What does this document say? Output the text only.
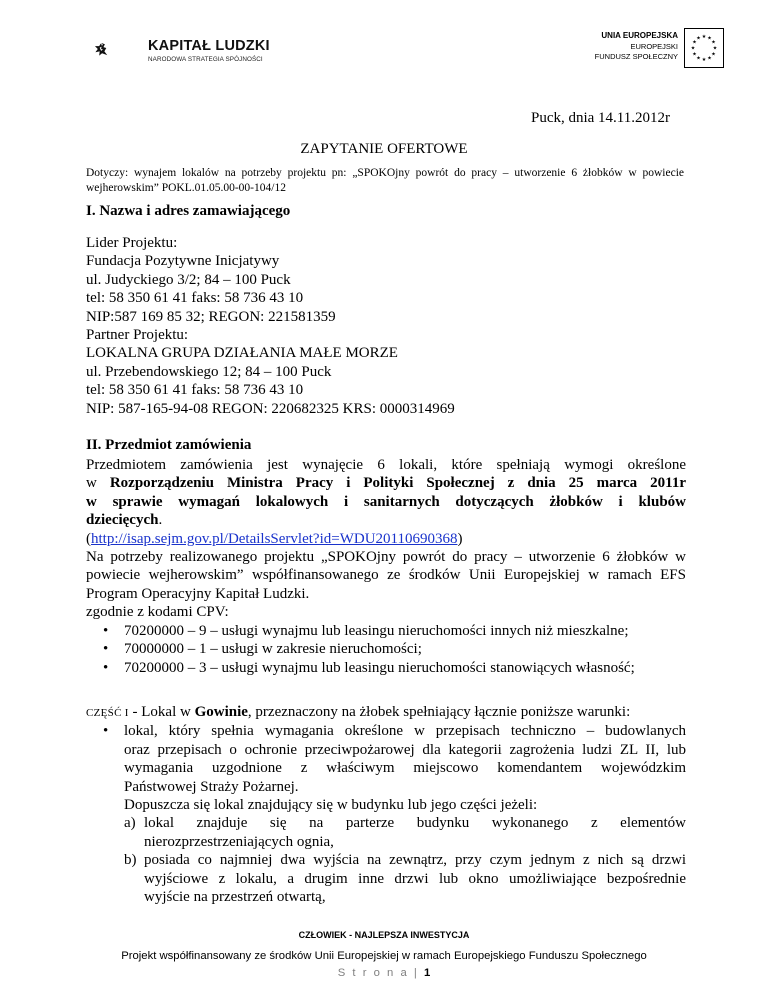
KAPITAŁ LUDZKI
NARODOWA STRATEGIA SPÓJNOŚCI
UNIA EUROPEJSKA
EUROPEJSKI
FUNDUSZ SPOŁECZNY
★ ★
★
★
★
★
★
★
★
★
★
★
Puck, dnia 14.11.2012r
ZAPYTANIE OFERTOWE
Dotyczy: wynajem lokalów na potrzeby projektu pn: „SPOKOjny powrót do pracy – utworzenie 6 żłobków w powiecie wejherowskim” POKL.01.05.00-00-104/12
I. Nazwa i adres zamawiającego
Lider Projektu:
Fundacja Pozytywne Inicjatywy
ul. Judyckiego 3/2; 84 – 100 Puck
tel: 58 350 61 41 faks: 58 736 43 10
NIP:587 169 85 32; REGON: 221581359
Partner Projektu:
LOKALNA GRUPA DZIAŁANIA MAŁE MORZE
ul. Przebendowskiego 12; 84 – 100 Puck
tel: 58 350 61 41 faks: 58 736 43 10
NIP: 587-165-94-08 REGON: 220682325 KRS: 0000314969
II. Przedmiot zamówienia
Przedmiotem zamówienia jest wynajęcie 6 lokali, które spełniają wymogi określone
w Rozporządzeniu Ministra Pracy i Polityki Społecznej z dnia 25 marca 2011r
w sprawie wymagań lokalowych i sanitarnych dotyczących żłobków i klubów
dziecięcych.
(http://isap.sejm.gov.pl/DetailsServlet?id=WDU20110690368)
Na potrzeby realizowanego projektu „SPOKOjny powrót do pracy – utworzenie 6 żłobków w
powiecie wejherowskim” współfinansowanego ze środków Unii Europejskiej w ramach EFS
Program Operacyjny Kapitał Ludzki.
zgodnie z kodami CPV:
• 70200000 – 9 – usługi wynajmu lub leasingu nieruchomości innych niż mieszkalne;
• 70000000 – 1 – usługi w zakresie nieruchomości;
• 70200000 – 3 – usługi wynajmu lub leasingu nieruchomości stanowiących własność;
CZĘŚĆ I - Lokal w Gowinie, przeznaczony na żłobek spełniający łącznie poniższe warunki:
• lokal, który spełnia wymagania określone w przepisach techniczno – budowlanych
oraz przepisach o ochronie przeciwpożarowej dla kategorii zagrożenia ludzi ZL II, lub
wymagania uzgodnione z właściwym miejscowo komendantem wojewódzkim
Państwowej Straży Pożarnej.
Dopuszcza się lokal znajdujący się w budynku lub jego części jeżeli:
a) lokal znajduje się na parterze budynku wykonanego z elementów
nierozprzestrzeniających ognia,
b) posiada co najmniej dwa wyjścia na zewnątrz, przy czym jednym z nich są drzwi
wyjściowe z lokalu, a drugim inne drzwi lub okno umożliwiające bezpośrednie
wyjście na przestrzeń otwartą,
CZŁOWIEK - NAJLEPSZA INWESTYCJA
Projekt współfinansowany ze środków Unii Europejskiej w ramach Europejskiego Funduszu Społecznego
S t r o n a | 1
